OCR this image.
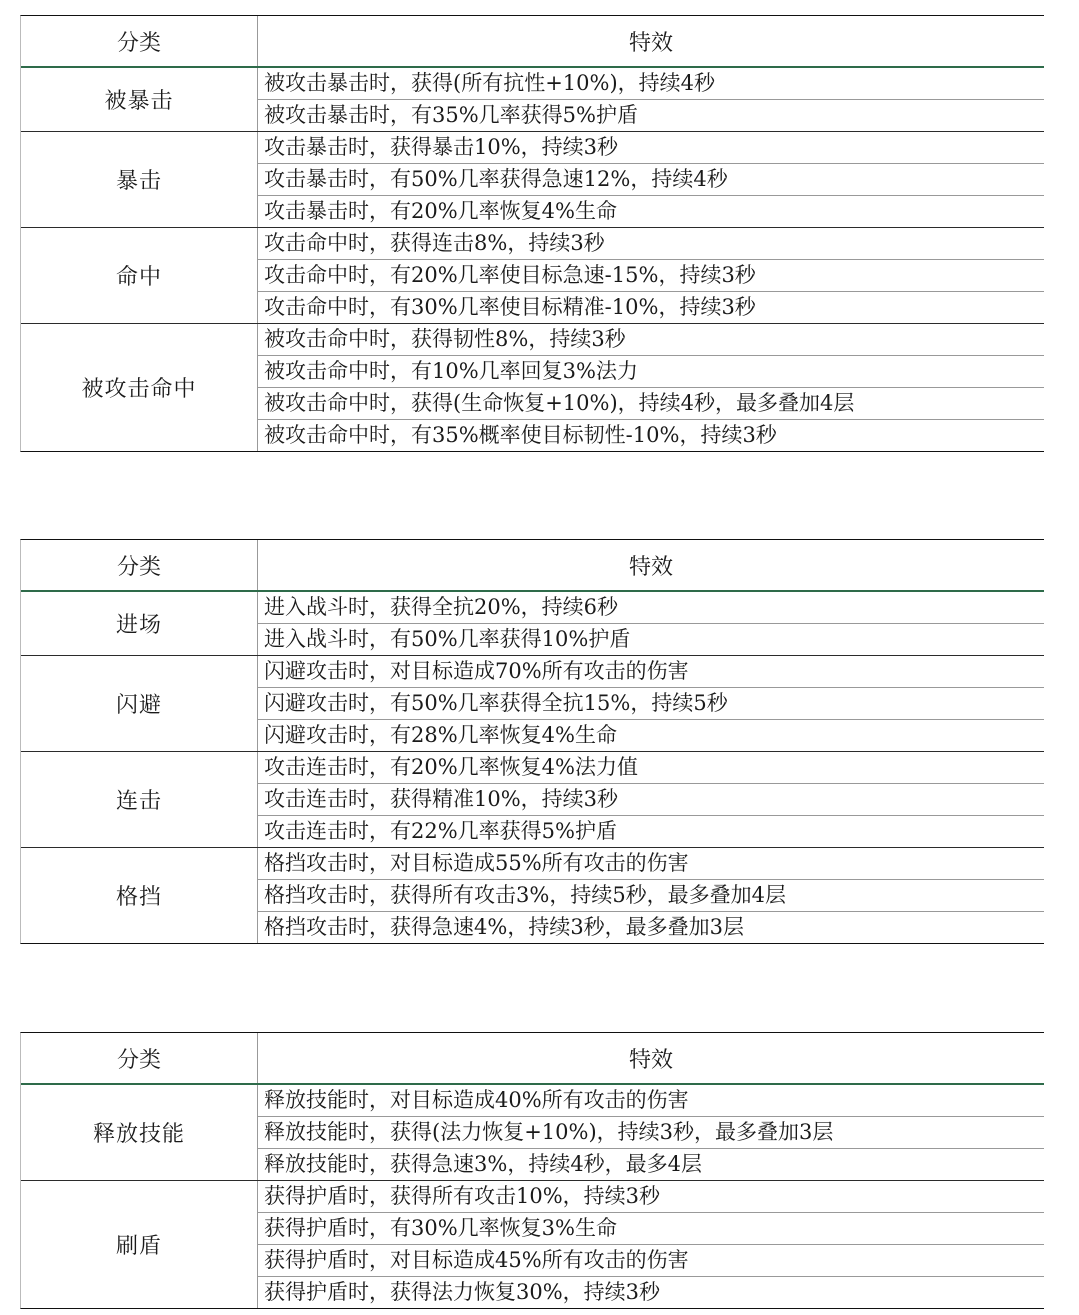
分类	特效
被暴击
被攻击暴击时，获得(所有抗性+10%)，持续4秒
被攻击暴击时，有35%几率获得5%护盾
暴击
攻击暴击时，获得暴击10%，持续3秒
攻击暴击时，有50%几率获得急速12%，持续4秒
攻击暴击时，有20%几率恢复4%生命
命中
攻击命中时，获得连击8%，持续3秒
攻击命中时，有20%几率使目标急速-15%，持续3秒
攻击命中时，有30%几率使目标精准-10%，持续3秒
被攻击命中
被攻击命中时，获得韧性8%，持续3秒
被攻击命中时，有10%几率回复3%法力
被攻击命中时，获得(生命恢复+10%)，持续4秒，最多叠加4层
被攻击命中时，有35%概率使目标韧性-10%，持续3秒
分类	特效
进场
进入战斗时，获得全抗20%，持续6秒
进入战斗时，有50%几率获得10%护盾
闪避
闪避攻击时，对目标造成70%所有攻击的伤害
闪避攻击时，有50%几率获得全抗15%，持续5秒
闪避攻击时，有28%几率恢复4%生命
连击
攻击连击时，有20%几率恢复4%法力值
攻击连击时，获得精准10%，持续3秒
攻击连击时，有22%几率获得5%护盾
格挡
格挡攻击时，对目标造成55%所有攻击的伤害
格挡攻击时，获得所有攻击3%，持续5秒，最多叠加4层
格挡攻击时，获得急速4%，持续3秒，最多叠加3层
分类	特效
释放技能
释放技能时，对目标造成40%所有攻击的伤害
释放技能时，获得(法力恢复+10%)，持续3秒，最多叠加3层
释放技能时，获得急速3%，持续4秒，最多4层
刷盾
获得护盾时，获得所有攻击10%，持续3秒
获得护盾时，有30%几率恢复3%生命
获得护盾时，对目标造成45%所有攻击的伤害
获得护盾时，获得法力恢复30%，持续3秒
